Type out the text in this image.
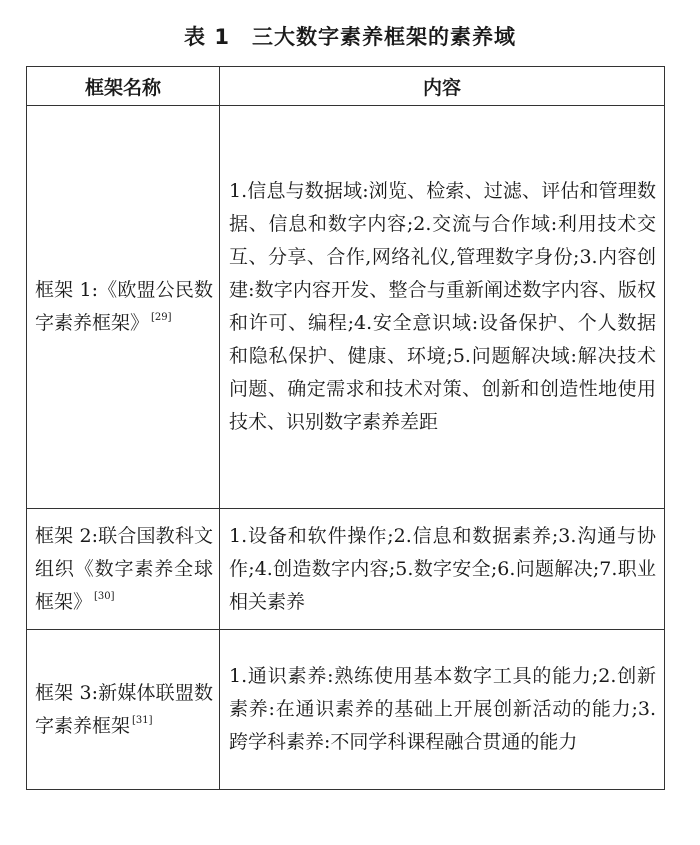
表 1 三大数字素养框架的素养域
框架名称	内容
框架 1:《欧盟公民数字素养框架》 [29]	1.信息与数据域:浏览、检索、过滤、评估和管理数据、信息和数字内容;2.交流与合作域:利用技术交互、分享、合作,网络礼仪,管理数字身份;3.内容创建:数字内容开发、整合与重新阐述数字内容、版权和许可、编程;4.安全意识域:设备保护、个人数据和隐私保护、健康、环境;5.问题解决域:解决技术问题、确定需求和技术对策、创新和创造性地使用技术、识别数字素养差距
框架 2:联合国教科文组织《数字素养全球框架》 [30]	1.设备和软件操作;2.信息和数据素养;3.沟通与协作;4.创造数字内容;5.数字安全;6.问题解决;7.职业相关素养
框架 3:新媒体联盟数字素养框架 [31]	1.通识素养:熟练使用基本数字工具的能力;2.创新素养:在通识素养的基础上开展创新活动的能力;3.跨学科素养:不同学科课程融合贯通的能力
